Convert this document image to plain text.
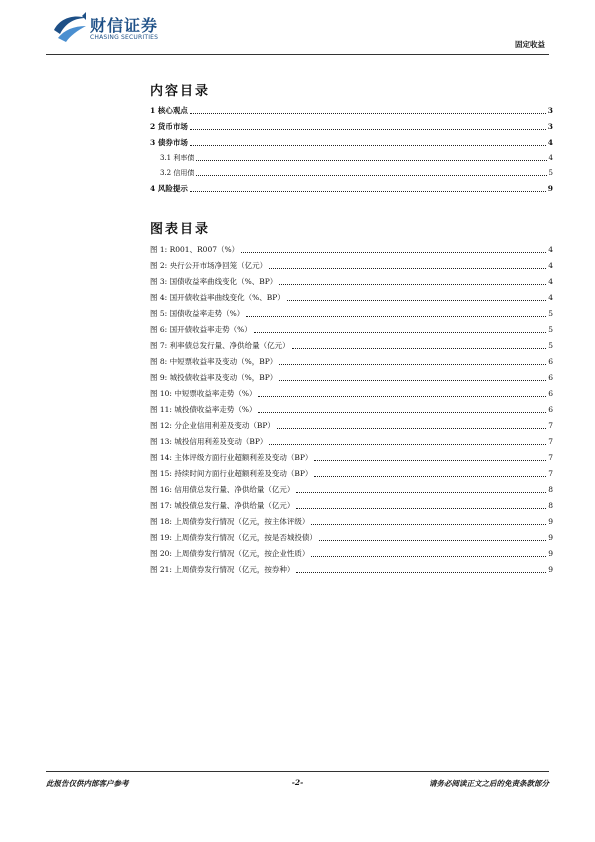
财信证券
CHASING SECURITIES
固定收益
内容目录
1 核心观点	3
2 货币市场	3
3 债券市场	4
3.1 利率债	4
3.2 信用债	5
4 风险提示	9
图表目录
图 1: R001、R007（%）	4
图 2: 央行公开市场净回笼（亿元）	4
图 3: 国债收益率曲线变化（%、BP）	4
图 4: 国开债收益率曲线变化（%、BP）	4
图 5: 国债收益率走势（%）	5
图 6: 国开债收益率走势（%）	5
图 7: 利率债总发行量、净供给量（亿元）	5
图 8: 中短票收益率及变动（%，BP）	6
图 9: 城投债收益率及变动（%，BP）	6
图 10: 中短票收益率走势（%）	6
图 11: 城投债收益率走势（%）	6
图 12: 分企业信用利差及变动（BP）	7
图 13: 城投信用利差及变动（BP）	7
图 14: 主体评级方面行业超额利差及变动（BP）	7
图 15: 持续时间方面行业超额利差及变动（BP）	7
图 16: 信用债总发行量、净供给量（亿元）	8
图 17: 城投债总发行量、净供给量（亿元）	8
图 18: 上周债券发行情况（亿元，按主体评级）	9
图 19: 上周债券发行情况（亿元，按是否城投债）	9
图 20: 上周债券发行情况（亿元，按企业性质）	9
图 21: 上周债券发行情况（亿元，按券种）	9
此报告仅供内部客户参考	-2-	请务必阅读正文之后的免责条款部分
